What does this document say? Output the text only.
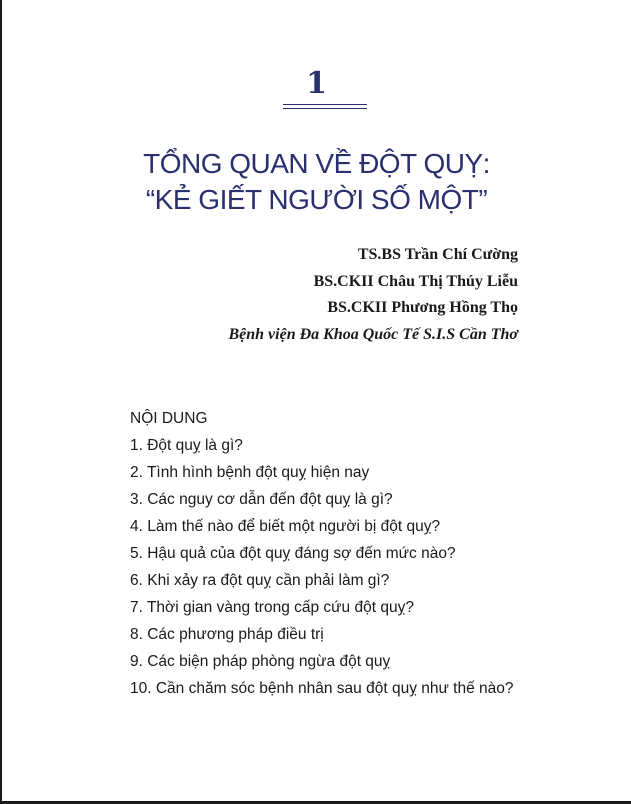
1
TỔNG QUAN VỀ ĐỘT QUỴ:
“KẺ GIẾT NGƯỜI SỐ MỘT”
TS.BS Trần Chí Cường
BS.CKII Châu Thị Thúy Liễu
BS.CKII Phương Hồng Thọ
Bệnh viện Đa Khoa Quốc Tế S.I.S Cần Thơ
NỘI DUNG
1. Đột quỵ là gì?
2. Tình hình bệnh đột quỵ hiện nay
3. Các nguy cơ dẫn đến đột quỵ là gì?
4. Làm thế nào để biết một người bị đột quỵ?
5. Hậu quả của đột quỵ đáng sợ đến mức nào?
6. Khi xảy ra đột quỵ cần phải làm gì?
7. Thời gian vàng trong cấp cứu đột quỵ?
8. Các phương pháp điều trị
9. Các biện pháp phòng ngừa đột quỵ
10. Cần chăm sóc bệnh nhân sau đột quỵ như thế nào?
